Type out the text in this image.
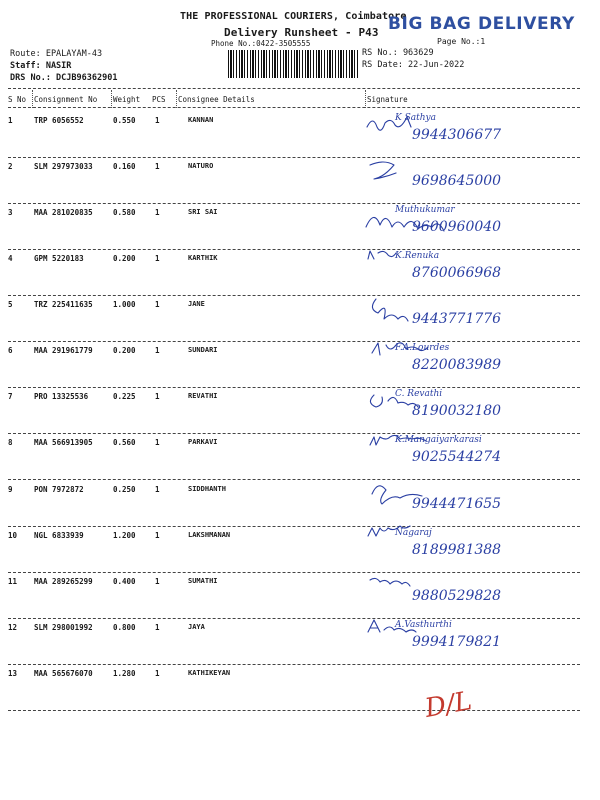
THE PROFESSIONAL COURIERS, Coimbatore
Delivery Runsheet - P43
Phone No.:0422-3505555
BIG BAG DELIVERY
Page No.:1
Route: EPALAYAM-43
Staff: NASIR
DRS No.: DCJB96362901
RS No.: 963629
RS Date: 22-Jun-2022
S No Consignment No Weight PCS Consignee Details	Signature
1	TRP 6056552	0.550	1	KANNAN	K Sathya
9944306677
2	SLM 297973033	0.160	1	NATURO
9698645000
3	MAA 281020835	0.580	1	SRI SAI	Muthukumar
9600960040
4	GPM 5220183	0.200	1	KARTHIK	K.Renuka
8760066968
5	TRZ 225411635	1.000	1	JANE
9443771776
6	MAA 291961779	0.200	1	SUNDARI	F.A.Lourdes
8220083989
7	PRO 13325536	0.225	1	REVATHI	C. Revathi
8190032180
8	MAA 566913905	0.560	1	PARKAVI	K.Mangaiyarkarasi
9025544274
9	PON 7972872	0.250	1	SIDDHANTH
9944471655
10 NGL 6833939	1.200	1	LAKSHMANAN	Nagaraj
8189981388
11 MAA 289265299	0.400	1	SUMATHI
9880529828
12 SLM 298001992	0.800	1	JAYA	A.Vasthurthi
9994179821
13 MAA 565676070	1.280	1	KATHIKEYAN
D/L
